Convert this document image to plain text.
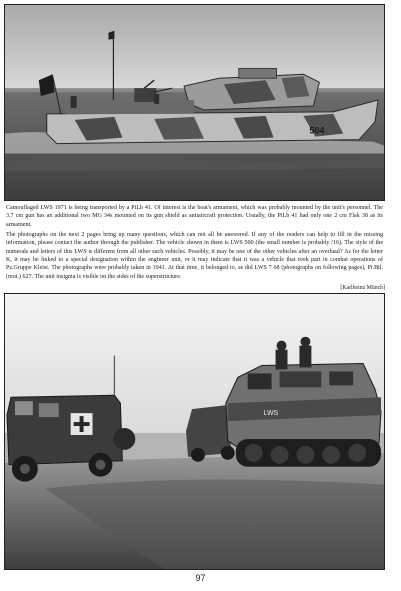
504

Camouflaged LWS 1971 is being transported by a PiLb 41. Of interest is the boat's armament, which was probably mounted by the unit's personnel. The 3.7 cm gun has an additional two MG 34s mounted on its gun shield as antiaircraft protection. Usually, the PiLb 41 had only one 2 cm Flak 38 as its armament.

The photographs on the next 2 pages bring up many questions, which can not all be answered. If any of the readers can help to fill in the missing information, please contact the author through the publisher. The vehicle shown in them is LWS 500 (the small number is probably /16). The style of the numerals and letters of this LWS is different from all other such vehicles. Possibly, it may be one of the other vehicles after an overhaul? As for the letter K, it may be linked to a special designation within the engineer unit, or it may indicate that it was a vehicle that took part in combat operations of Pz.Gruppe Kleist. The photographs were probably taken in 1941. At that time, it belonged to, as did LWS 7 68 (photographs on following pages), Pi.Btl. (mot.) 627. The unit insignia is visible on the sides of the superstructure.

[Karlheinz Münch]
LWS
97
